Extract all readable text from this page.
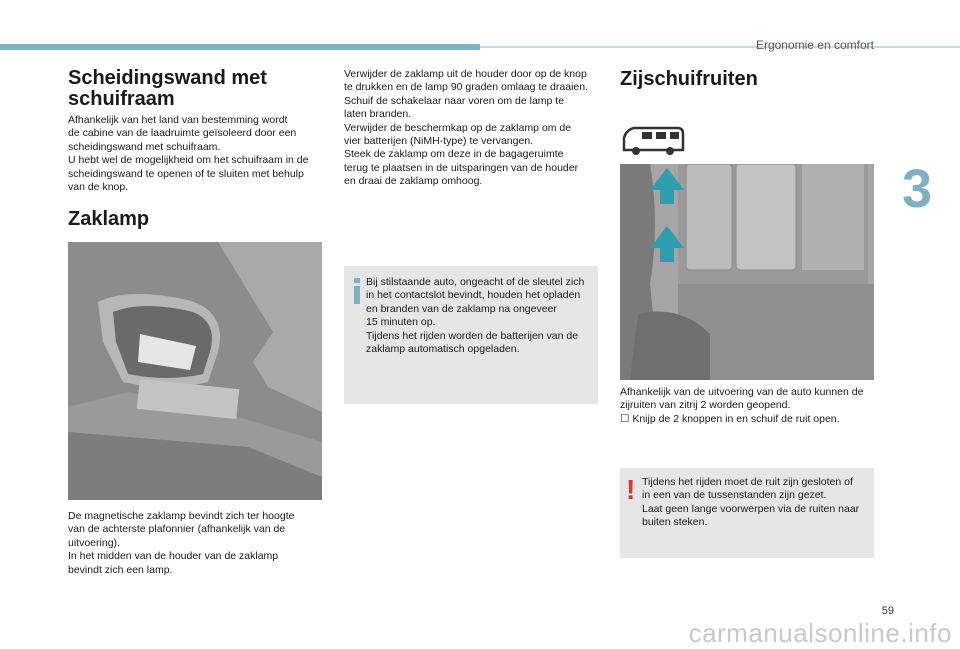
Ergonomie en comfort
3
Scheidingswand met
schuifraam
Afhankelijk van het land van bestemming wordt
de cabine van de laadruimte geïsoleerd door een
scheidingswand met schuifraam.
U hebt wel de mogelijkheid om het schuifraam in de
scheidingswand te openen of te sluiten met behulp
van de knop.
Zaklamp
De magnetische zaklamp bevindt zich ter hoogte
van de achterste plafonnier (afhankelijk van de
uitvoering).
In het midden van de houder van de zaklamp
bevindt zich een lamp.
Verwijder de zaklamp uit de houder door op de knop
te drukken en de lamp 90 graden omlaag te draaien.
Schuif de schakelaar naar voren om de lamp te
laten branden.
Verwijder de beschermkap op de zaklamp om de
vier batterijen (NiMH-type) te vervangen.
Steek de zaklamp om deze in de bagageruimte
terug te plaatsen in de uitsparingen van de houder
en draai de zaklamp omhoog.
Bij stilstaande auto, ongeacht of de sleutel zich
in het contactslot bevindt, houden het opladen
en branden van de zaklamp na ongeveer
15 minuten op.
Tijdens het rijden worden de batterijen van de
zaklamp automatisch opgeladen.
Zijschuifruiten
Afhankelijk van de uitvoering van de auto kunnen de
zijruiten van zitrij 2 worden geopend.
☐ Knijp de 2 knoppen in en schuif de ruit open.
! Tijdens het rijden moet de ruit zijn gesloten of
in een van de tussenstanden zijn gezet.
Laat geen lange voorwerpen via de ruiten naar
buiten steken.
59
carmanualsonline.info
